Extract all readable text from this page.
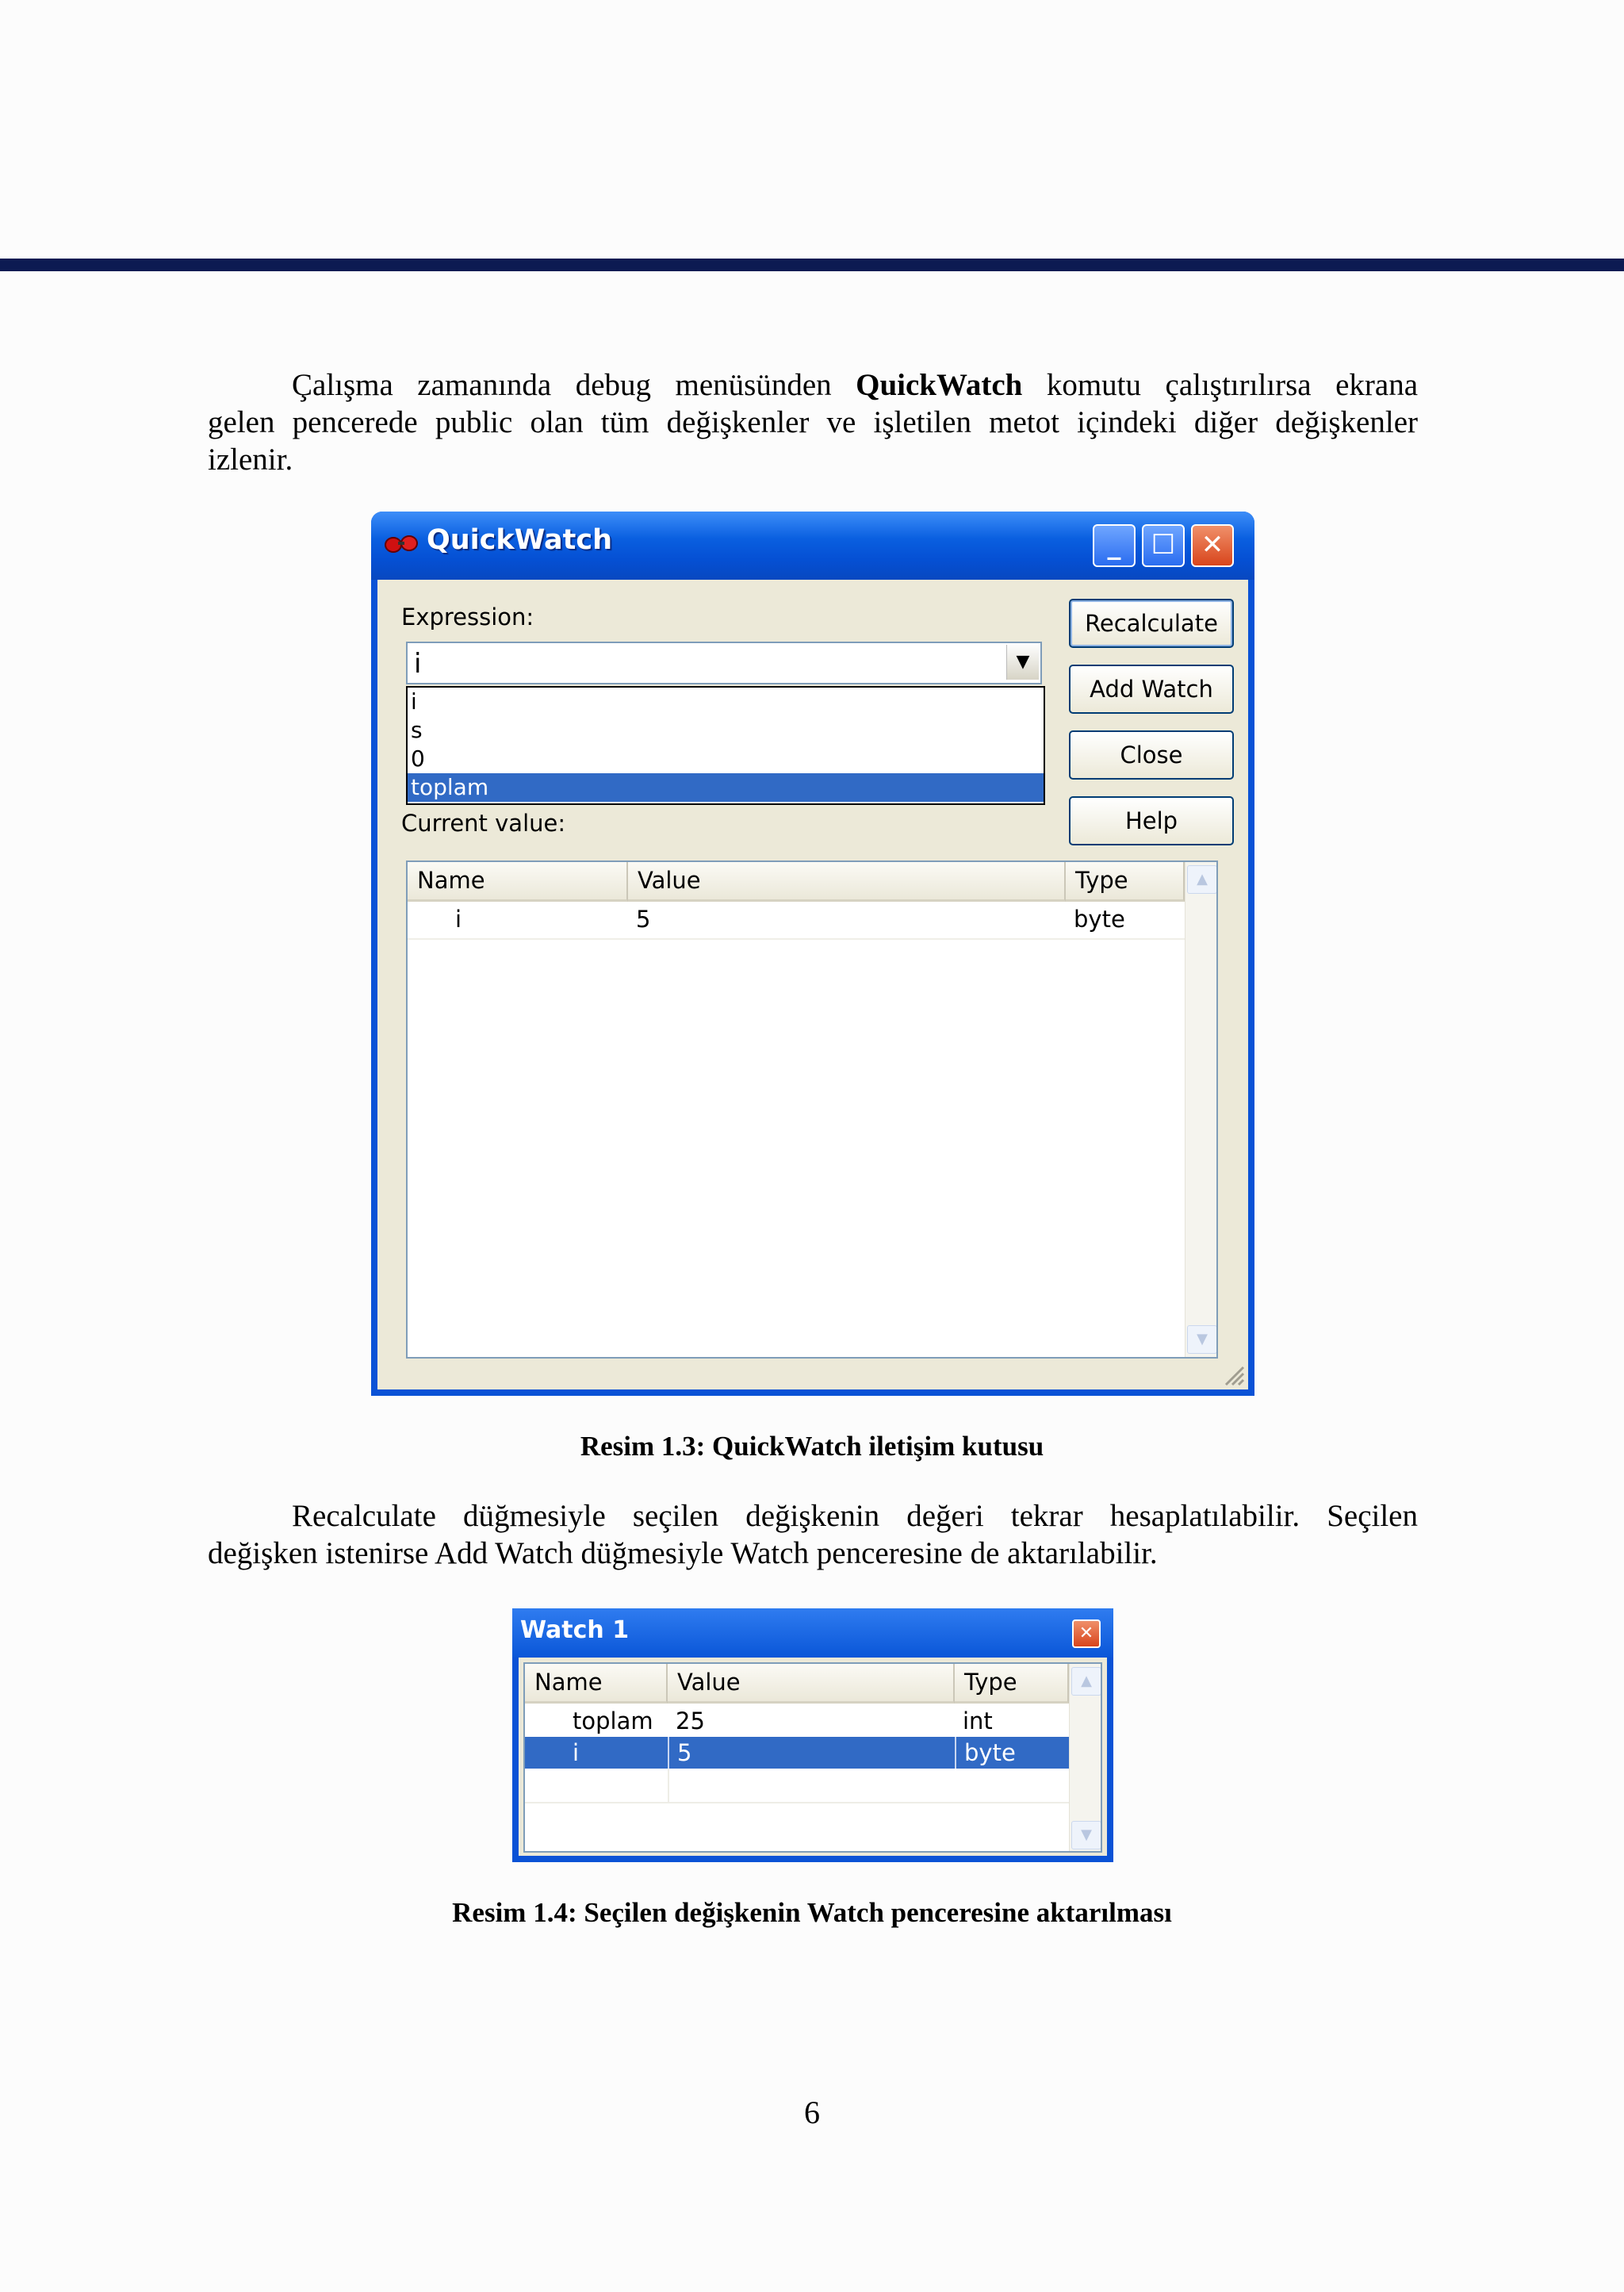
Çalışma zamanında debug menüsünden QuickWatch komutu çalıştırılırsa ekrana
gelen pencerede public olan tüm değişkenler ve işletilen metot içindeki diğer değişkenler
izlenir.
QuickWatch	_	☐ ✕
Expression:
i	▼
i
s
0
toplam
Current value:
Recalculate
Add Watch
Close
Help
Name	Value	Type
i	5	byte
▲
▼
Resim 1.3: QuickWatch iletişim kutusu
Recalculate düğmesiyle seçilen değişkenin değeri tekrar hesaplatılabilir. Seçilen
değişken istenirse Add Watch düğmesiyle Watch penceresine de aktarılabilir.
Watch 1	✕
Name	Value	Type
toplam 25	int
i	5	byte
▲
▼
Resim 1.4: Seçilen değişkenin Watch penceresine aktarılması
6
